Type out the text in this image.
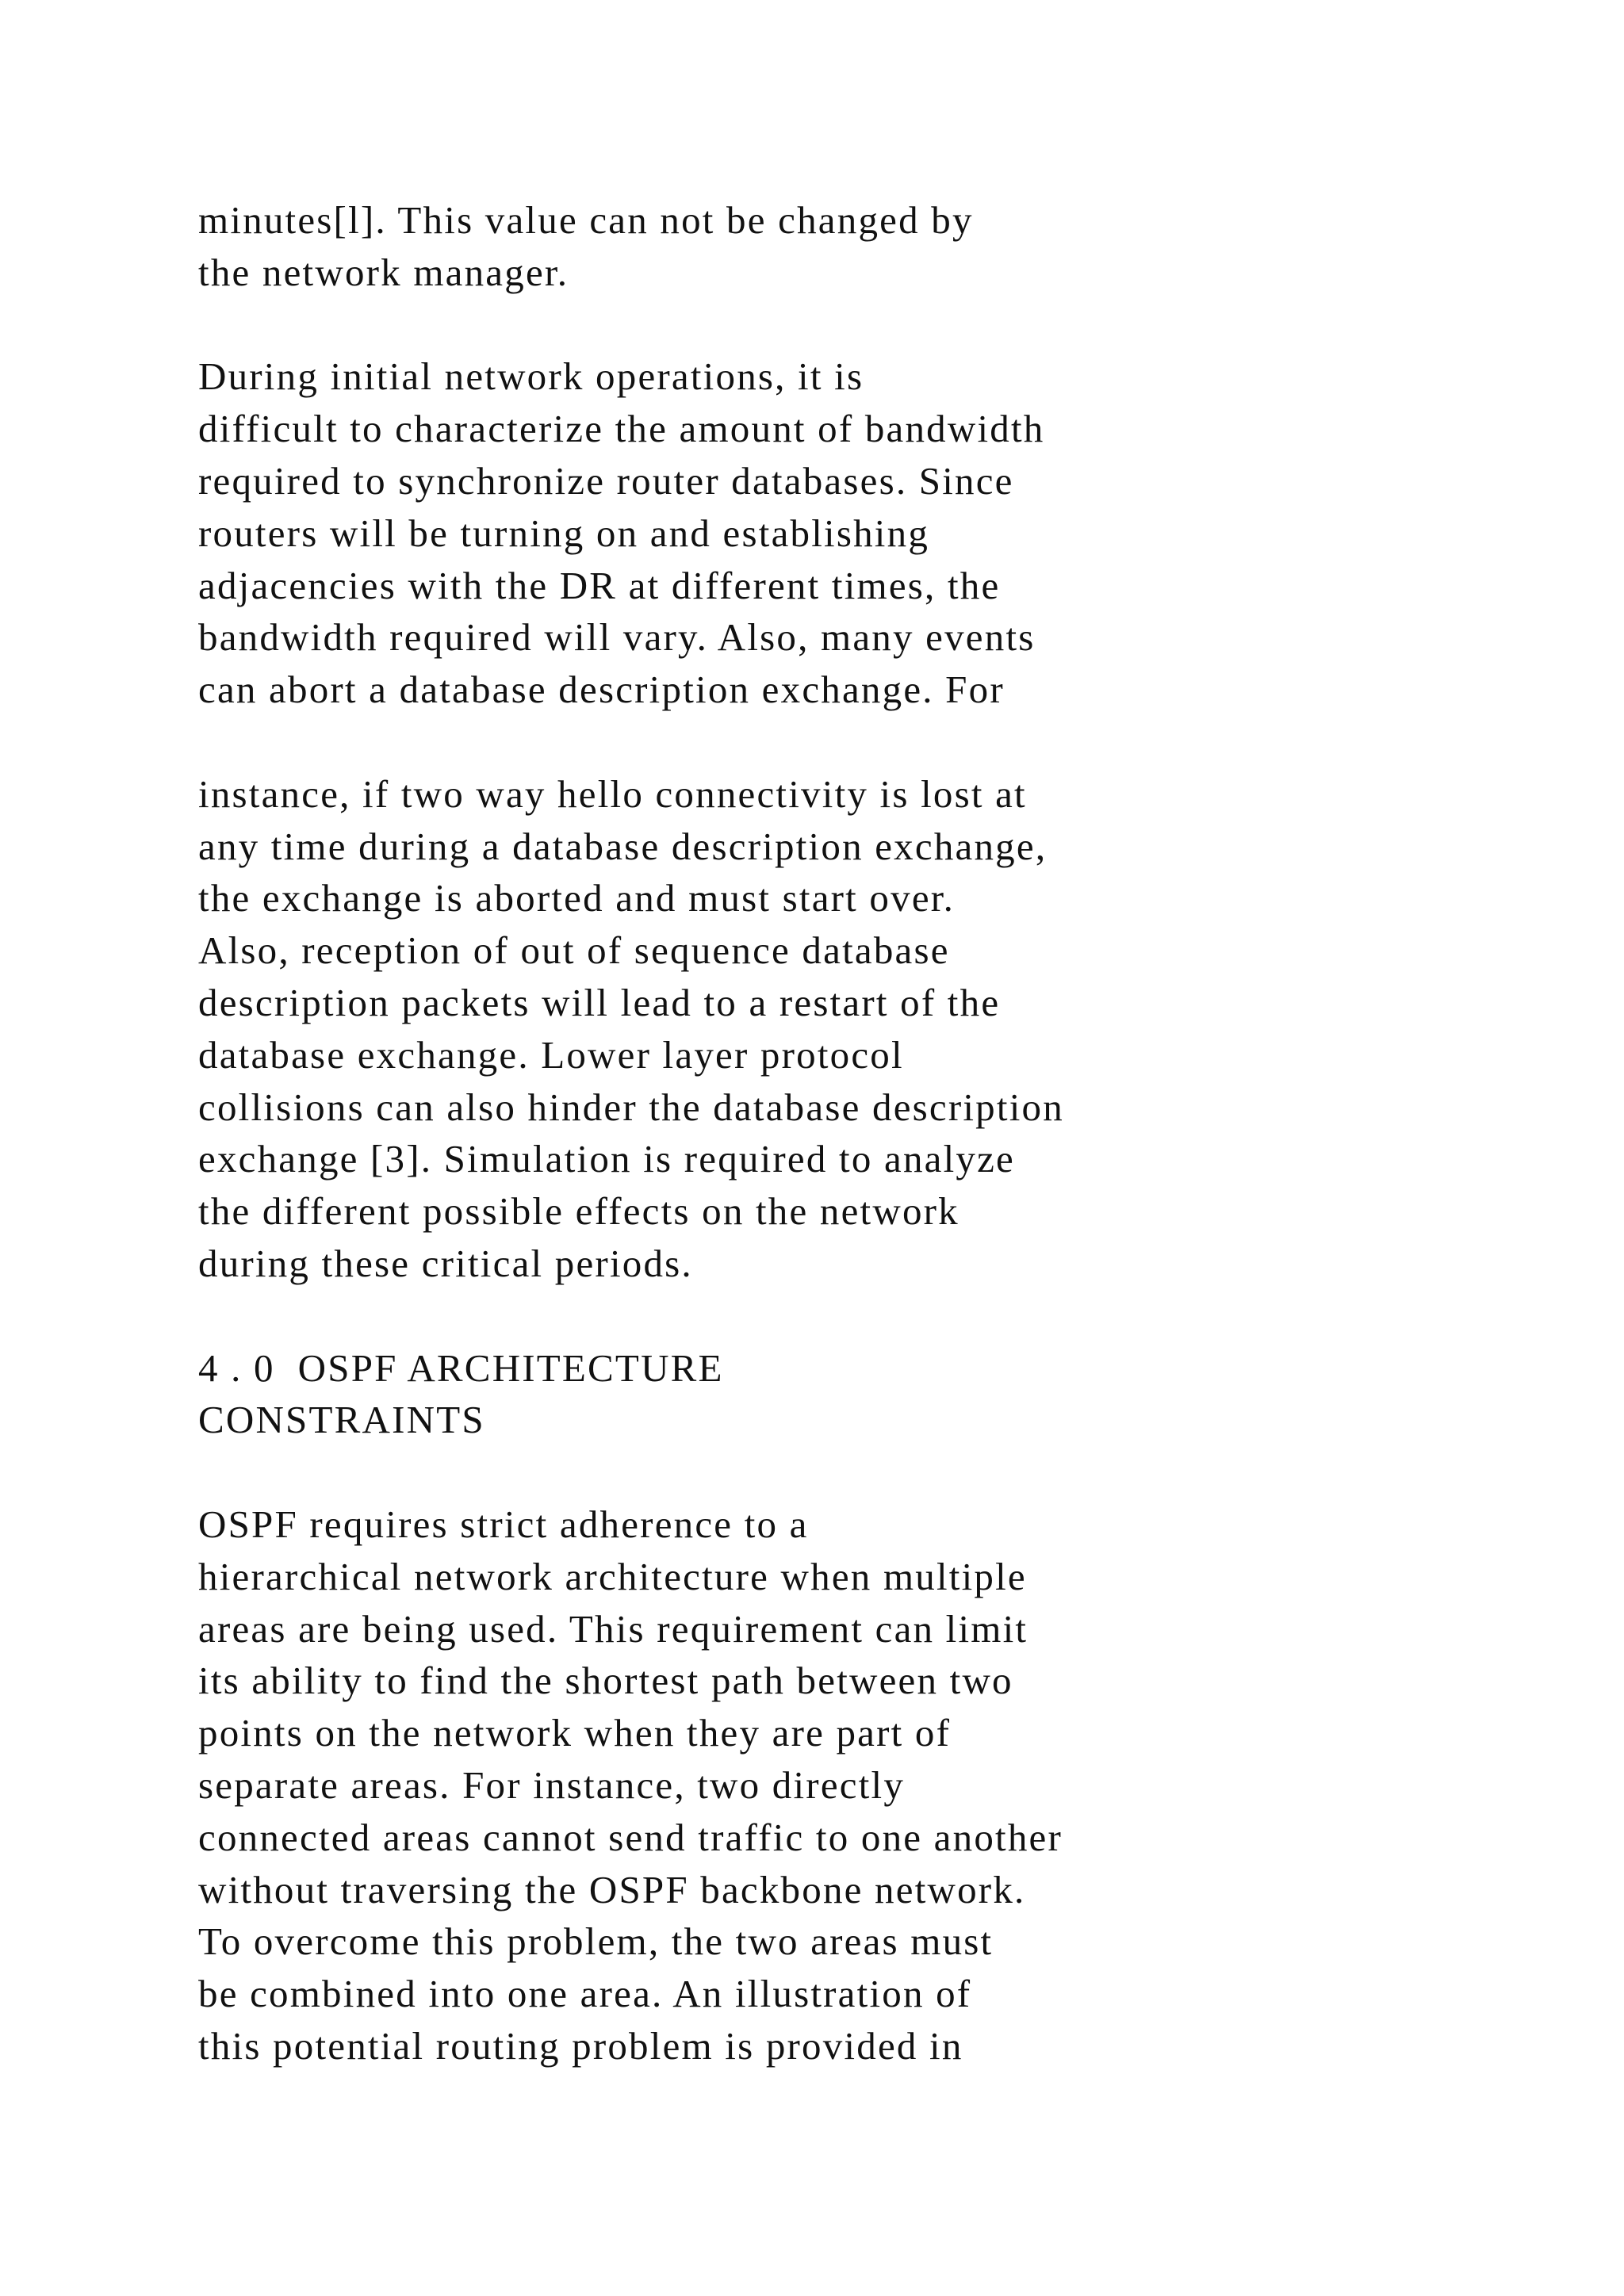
minutes[l]. This value can not be changed by
the network manager.
During initial network operations, it is
difficult to characterize the amount of bandwidth
required to synchronize router databases. Since
routers will be turning on and establishing
adjacencies with the DR at different times, the
bandwidth required will vary. Also, many events
can abort a database description exchange. For
instance, if two way hello connectivity is lost at
any time during a database description exchange,
the exchange is aborted and must start over.
Also, reception of out of sequence database
description packets will lead to a restart of the
database exchange. Lower layer protocol
collisions can also hinder the database description
exchange [3]. Simulation is required to analyze
the different possible effects on the network
during these critical periods.
4 . 0  OSPF ARCHITECTURE
CONSTRAINTS
OSPF requires strict adherence to a
hierarchical network architecture when multiple
areas are being used. This requirement can limit
its ability to find the shortest path between two
points on the network when they are part of
separate areas. For instance, two directly
connected areas cannot send traffic to one another
without traversing the OSPF backbone network.
To overcome this problem, the two areas must
be combined into one area. An illustration of
this potential routing problem is provided in
